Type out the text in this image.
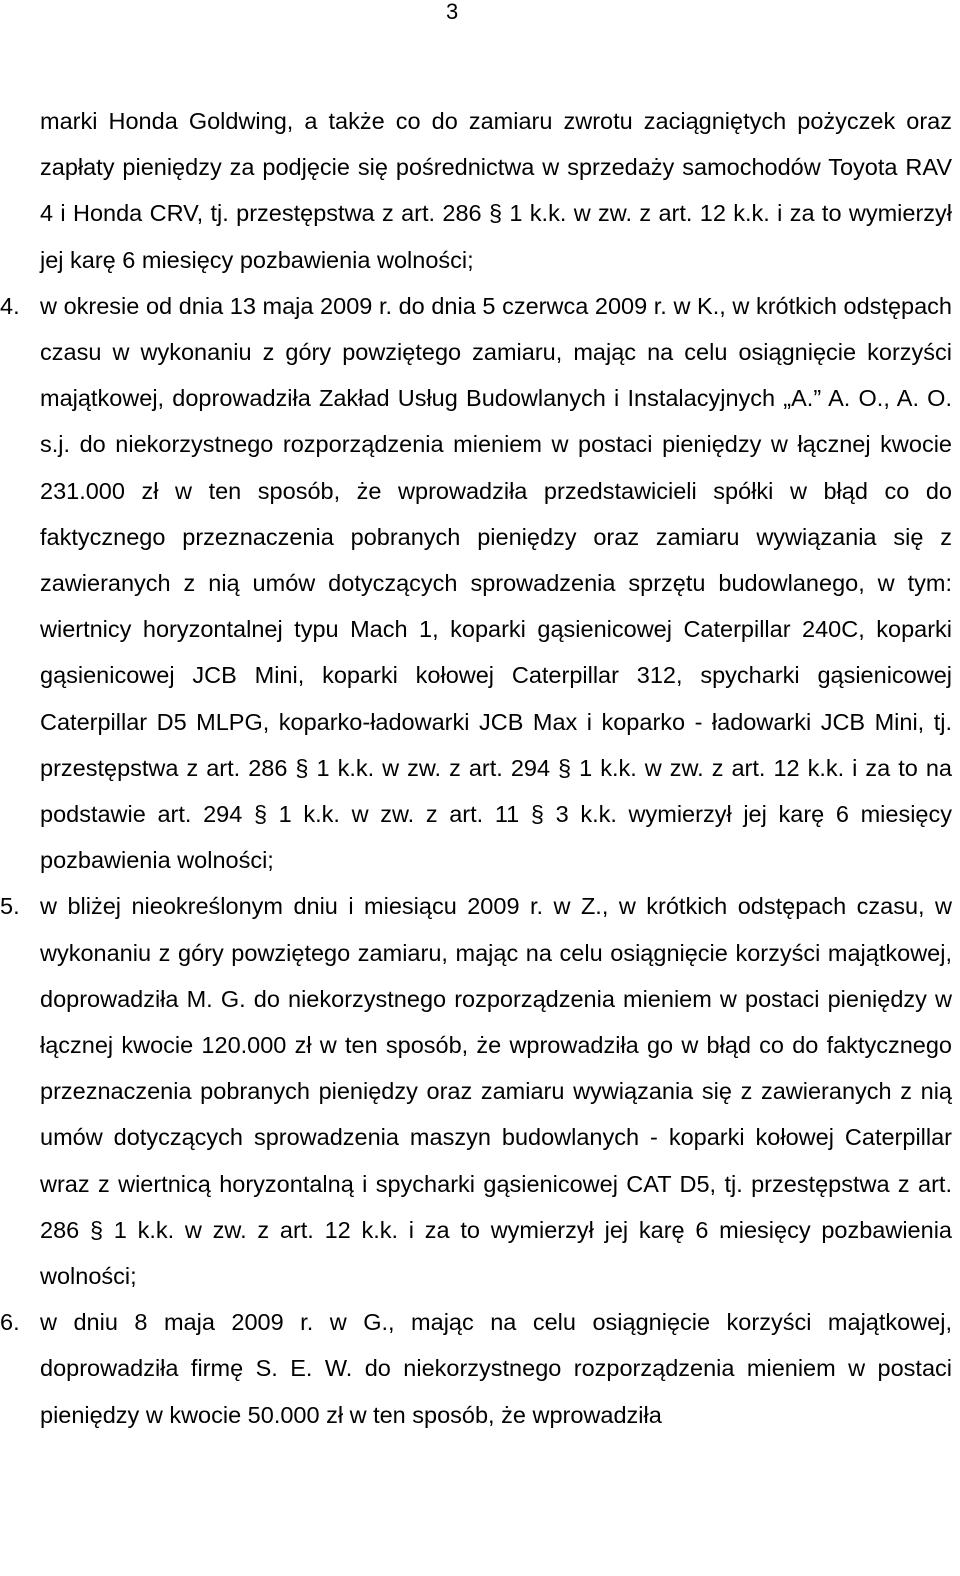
3
marki Honda Goldwing, a także co do zamiaru zwrotu zaciągniętych pożyczek oraz zapłaty pieniędzy za podjęcie się pośrednictwa w sprzedaży samochodów Toyota RAV 4 i Honda CRV, tj. przestępstwa z art. 286 § 1 k.k. w zw. z art. 12 k.k. i za to wymierzył jej karę 6 miesięcy pozbawienia wolności;
4. w okresie od dnia 13 maja 2009 r. do dnia 5 czerwca 2009 r. w K., w krótkich odstępach czasu w wykonaniu z góry powziętego zamiaru, mając na celu osiągnięcie korzyści majątkowej, doprowadziła Zakład Usług Budowlanych i Instalacyjnych „A.” A. O., A. O. s.j. do niekorzystnego rozporządzenia mieniem w postaci pieniędzy w łącznej kwocie 231.000 zł w ten sposób, że wprowadziła przedstawicieli spółki w błąd co do faktycznego przeznaczenia pobranych pieniędzy oraz zamiaru wywiązania się z zawieranych z nią umów dotyczących sprowadzenia sprzętu budowlanego, w tym: wiertnicy horyzontalnej typu Mach 1, koparki gąsienicowej Caterpillar 240C, koparki gąsienicowej JCB Mini, koparki kołowej Caterpillar 312, spycharki gąsienicowej Caterpillar D5 MLPG, koparko-ładowarki JCB Max i koparko - ładowarki JCB Mini, tj. przestępstwa z art. 286 § 1 k.k. w zw. z art. 294 § 1 k.k. w zw. z art. 12 k.k. i za to na podstawie art. 294 § 1 k.k. w zw. z art. 11 § 3 k.k. wymierzył jej karę 6 miesięcy pozbawienia wolności;
5. w bliżej nieokreślonym dniu i miesiącu 2009 r. w Z., w krótkich odstępach czasu, w wykonaniu z góry powziętego zamiaru, mając na celu osiągnięcie korzyści majątkowej, doprowadziła M. G. do niekorzystnego rozporządzenia mieniem w postaci pieniędzy w łącznej kwocie 120.000 zł w ten sposób, że wprowadziła go w błąd co do faktycznego przeznaczenia pobranych pieniędzy oraz zamiaru wywiązania się z zawieranych z nią umów dotyczących sprowadzenia maszyn budowlanych - koparki kołowej Caterpillar wraz z wiertnicą horyzontalną i spycharki gąsienicowej CAT D5, tj. przestępstwa z art. 286 § 1 k.k. w zw. z art. 12 k.k. i za to wymierzył jej karę 6 miesięcy pozbawienia wolności;
6. w dniu 8 maja 2009 r. w G., mając na celu osiągnięcie korzyści majątkowej, doprowadziła firmę S. E. W. do niekorzystnego rozporządzenia mieniem w postaci pieniędzy w kwocie 50.000 zł w ten sposób, że wprowadziła
